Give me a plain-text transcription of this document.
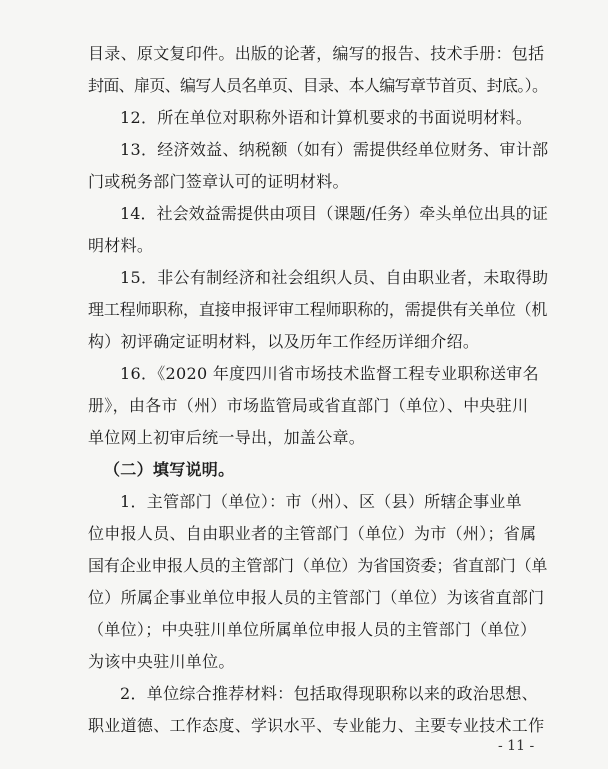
目录、原文复印件。出版的论著，编写的报告、技术手册：包括
封面、扉页、编写人员名单页、目录、本人编写章节首页、封底。）。
12．所在单位对职称外语和计算机要求的书面说明材料。
13．经济效益、纳税额（如有）需提供经单位财务、审计部
门或税务部门签章认可的证明材料。
14．社会效益需提供由项目（课题/任务）牵头单位出具的证
明材料。
15．非公有制经济和社会组织人员、自由职业者，未取得助
理工程师职称，直接申报评审工程师职称的，需提供有关单位（机
构）初评确定证明材料，以及历年工作经历详细介绍。
16．《2020 年度四川省市场技术监督工程专业职称送审名
册》，由各市（州）市场监管局或省直部门（单位）、中央驻川
单位网上初审后统一导出，加盖公章。
（二）填写说明。
1．主管部门（单位）：市（州）、区（县）所辖企事业单
位申报人员、自由职业者的主管部门（单位）为市（州）；省属
国有企业申报人员的主管部门（单位）为省国资委；省直部门（单
位）所属企事业单位申报人员的主管部门（单位）为该省直部门
（单位）；中央驻川单位所属单位申报人员的主管部门（单位）
为该中央驻川单位。
2．单位综合推荐材料：包括取得现职称以来的政治思想、
职业道德、工作态度、学识水平、专业能力、主要专业技术工作
- 11 -
